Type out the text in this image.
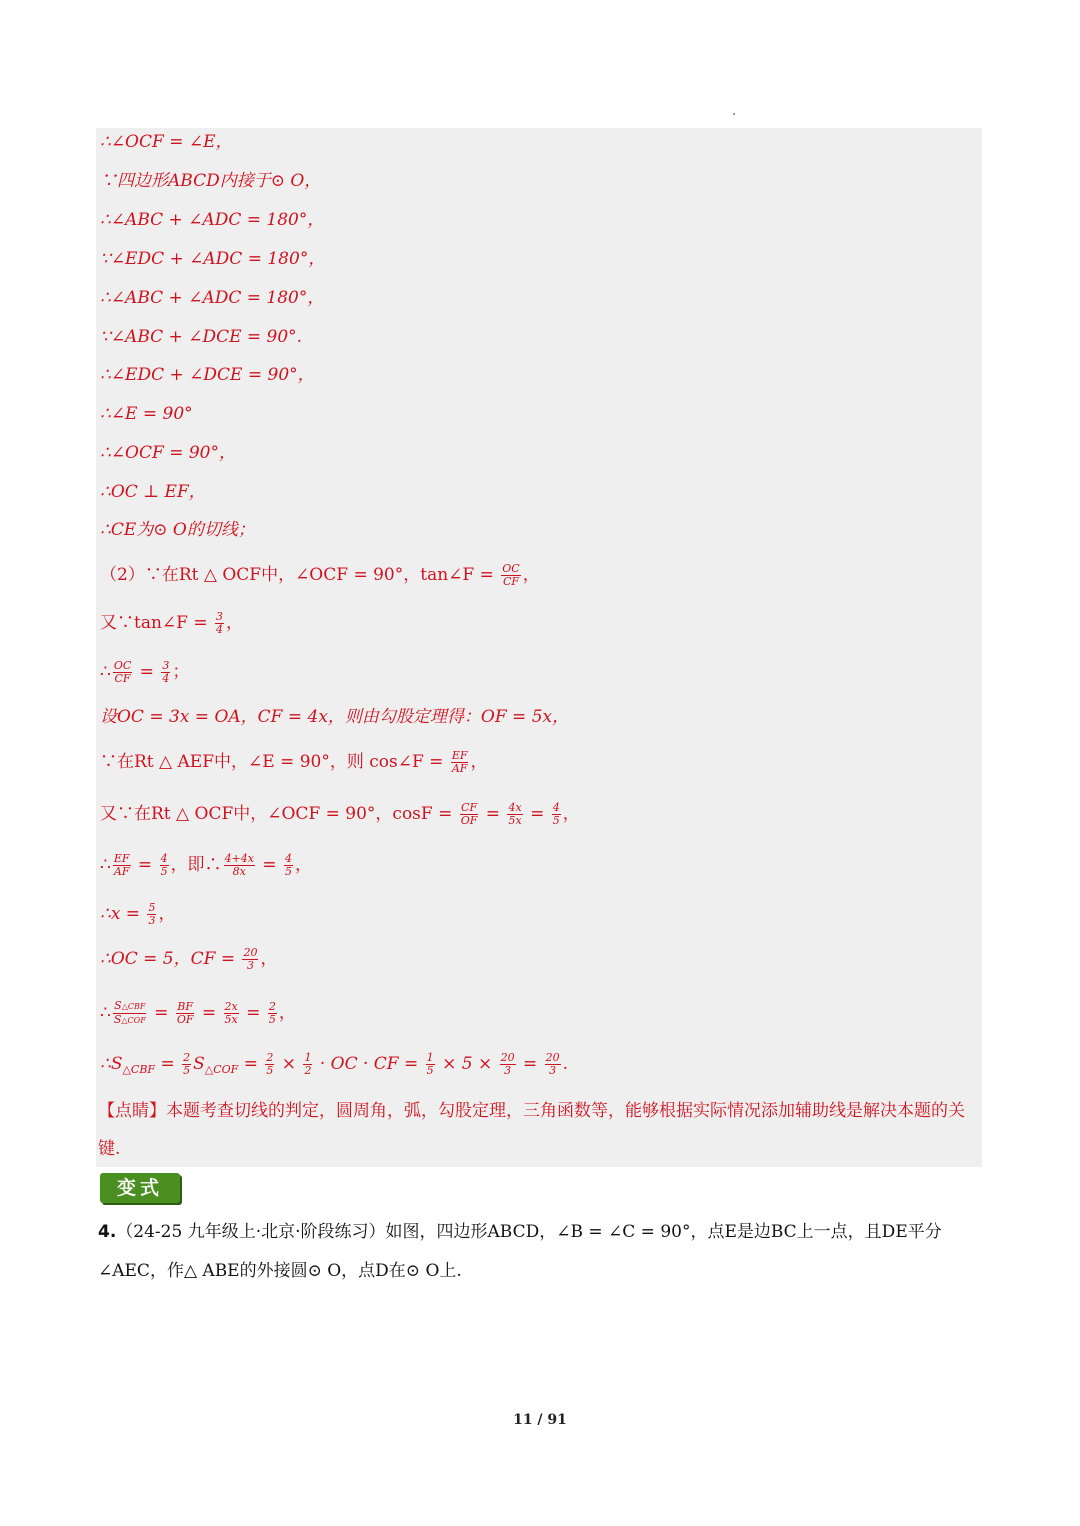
∴∠OCF = ∠E，
∵四边形ABCD内接于⊙ O，
∴∠ABC + ∠ADC = 180°，
∵∠EDC + ∠ADC = 180°，
∴∠ABC + ∠ADC = 180°，
∵∠ABC + ∠DCE = 90°.
∴∠EDC + ∠DCE = 90°，
∴∠E = 90°
∴∠OCF = 90°，
∴OC ⊥ EF，
∴CE为⊙ O的切线；
（2）∵在Rt △ OCF中，∠OCF = 90°，tan∠F = $\frac{OC}{CF}$ ，
又∵tan∠F = $\frac{3}{4}$ ，
∴ $\frac{OC}{CF} = \frac{3}{4}$ ；
设OC = 3x = OA，CF = 4x，则由勾股定理得：OF = 5x，
∵在Rt △ AEF中，∠E = 90°，则 cos∠F = $\frac{EF}{AF}$ ，
又∵在Rt △ OCF中，∠OCF = 90°，$\cos F = \frac{CF}{OF} = \frac{4x}{5x} = \frac{4}{5}$ ，
∴ $\frac{EF}{AF} = \frac{4}{5}$ ，即∴ $\frac{4+4x}{8x} = \frac{4}{5}$ ，
∴x = $\frac{5}{3}$ ，
∴OC = 5，CF = $\frac{20}{3}$ ，
∴ $\frac{\text{S△CBF}}{\text{S△COF}} = \frac{BF}{OF} = \frac{2x}{5x} = \frac{2}{5}$ ，
$\therefore S_{\triangle CBF} = \frac{2}{5} S_{\triangle COF} = \frac{2}{5} \times \frac{1}{2}$ · OC · CF = $\frac{1}{5} \times 5 \times \frac{20}{3} = \frac{20}{3}$ .
【点睛】本题考查切线的判定，圆周角，弧，勾股定理，三角函数等，能够根据实际情况添加辅助线是解决本题的关键.
变式
4.（24-25 九年级上·北京·阶段练习）如图，四边形ABCD，∠B = ∠C = 90°，点E是边BC上一点，且DE平分∠AEC，作△ ABE的外接圆⊙ O，点D在⊙ O上.
11 / 91
